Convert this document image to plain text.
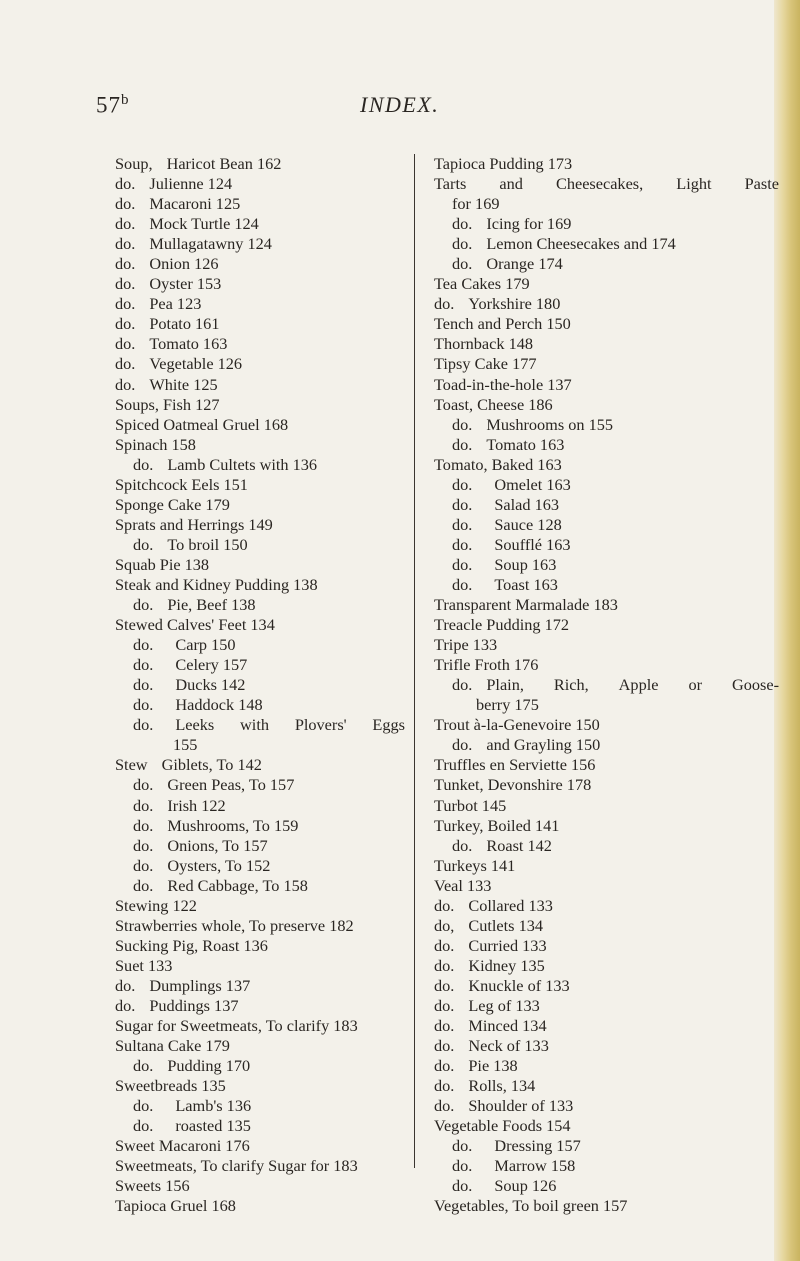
57$^b$	INDEX.
Soup, Haricot Bean 162
do. Julienne 124
do. Macaroni 125
do. Mock Turtle 124
do. Mullagatawny 124
do. Onion 126
do. Oyster 153
do. Pea 123
do. Potato 161
do. Tomato 163
do. Vegetable 126
do. White 125
Soups, Fish 127
Spiced Oatmeal Gruel 168
Spinach 158
do. Lamb Cultets with 136
Spitchcock Eels 151
Sponge Cake 179
Sprats and Herrings 149
do. To broil 150
Squab Pie 138
Steak and Kidney Pudding 138
do. Pie, Beef 138
Stewed Calves' Feet 134
do. Carp 150
do. Celery 157
do. Ducks 142
do. Haddock 148
do. Leeks with Plovers' Eggs
155
Stew Giblets, To 142
do. Green Peas, To 157
do. Irish 122
do. Mushrooms, To 159
do. Onions, To 157
do. Oysters, To 152
do. Red Cabbage, To 158
Stewing 122
Strawberries whole, To preserve 182
Sucking Pig, Roast 136
Suet 133
do. Dumplings 137
do. Puddings 137
Sugar for Sweetmeats, To clarify 183
Sultana Cake 179
do. Pudding 170
Sweetbreads 135
do. Lamb's 136
do. roasted 135
Sweet Macaroni 176
Sweetmeats, To clarify Sugar for 183
Sweets 156
Tapioca Gruel 168
Tapioca Pudding 173
Tarts and Cheesecakes, Light Paste
for 169
do. Icing for 169
do. Lemon Cheesecakes and 174
do. Orange 174
Tea Cakes 179
do. Yorkshire 180
Tench and Perch 150
Thornback 148
Tipsy Cake 177
Toad-in-the-hole 137
Toast, Cheese 186
do. Mushrooms on 155
do. Tomato 163
Tomato, Baked 163
do. Omelet 163
do. Salad 163
do. Sauce 128
do. Soufflé 163
do. Soup 163
do. Toast 163
Transparent Marmalade 183
Treacle Pudding 172
Tripe 133
Trifle Froth 176
do. Plain, Rich, Apple or Goose-
berry 175
Trout à-la-Genevoire 150
do. and Grayling 150
Truffles en Serviette 156
Tunket, Devonshire 178
Turbot 145
Turkey, Boiled 141
do. Roast 142
Turkeys 141
Veal 133
do. Collared 133
do, Cutlets 134
do. Curried 133
do. Kidney 135
do. Knuckle of 133
do. Leg of 133
do. Minced 134
do. Neck of 133
do. Pie 138
do. Rolls, 134
do. Shoulder of 133
Vegetable Foods 154
do. Dressing 157
do. Marrow 158
do. Soup 126
Vegetables, To boil green 157
